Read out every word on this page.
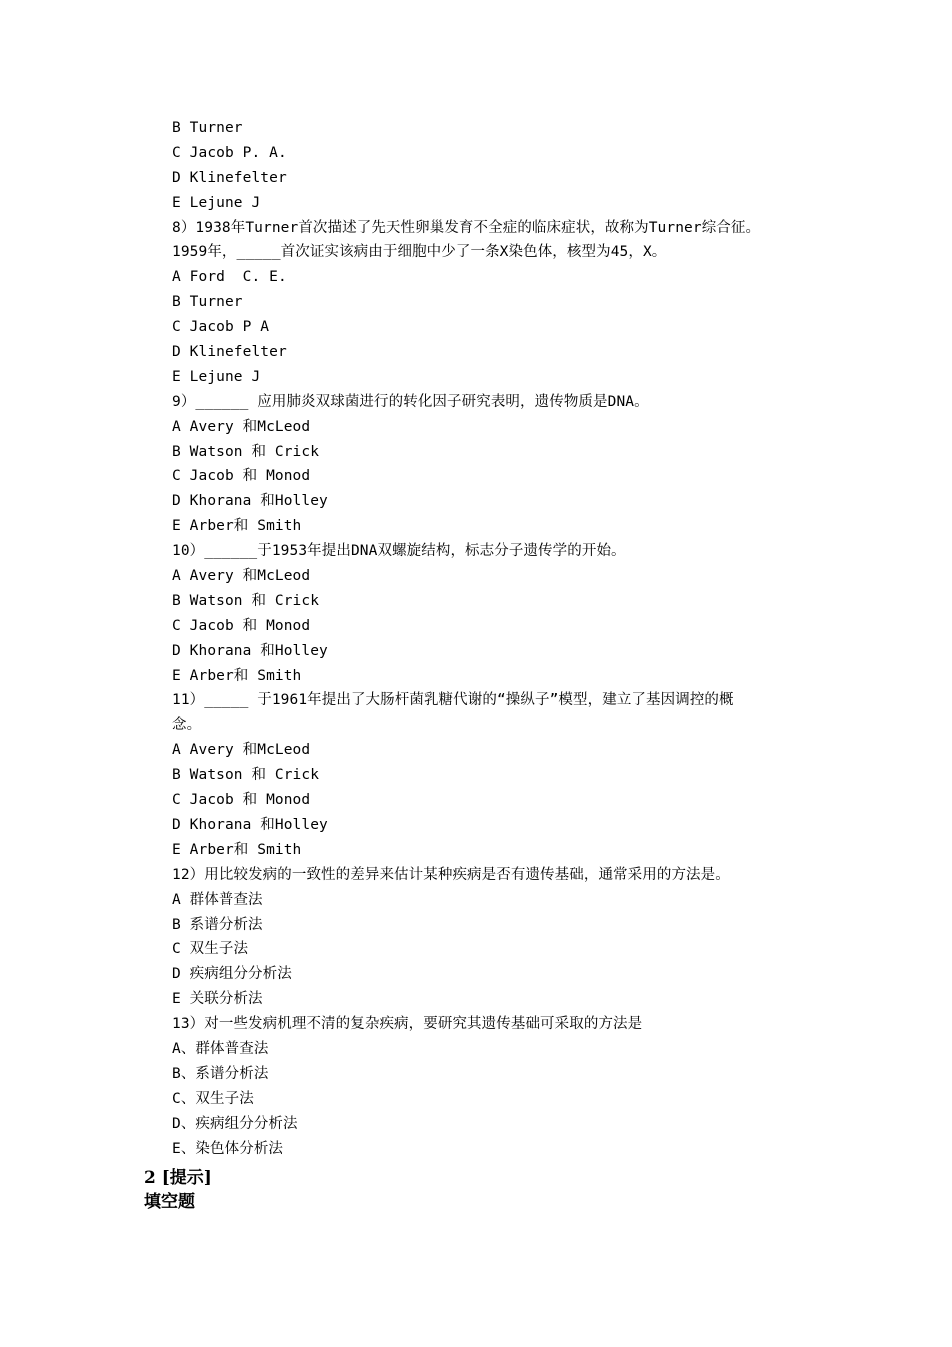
B Turner
C Jacob P. A.
D Klinefelter
E Lejune J
8）1938年Turner首次描述了先天性卵巢发育不全症的临床症状，故称为Turner综合征。
1959年，_____首次证实该病由于细胞中少了一条X染色体，核型为45，X。
A Ford  C. E.
B Turner
C Jacob P A
D Klinefelter
E Lejune J
9）______ 应用肺炎双球菌进行的转化因子研究表明，遗传物质是DNA。
A Avery 和McLeod
B Watson 和 Crick
C Jacob 和 Monod
D Khorana 和Holley
E Arber和 Smith
10）______于1953年提出DNA双螺旋结构，标志分子遗传学的开始。
A Avery 和McLeod
B Watson 和 Crick
C Jacob 和 Monod
D Khorana 和Holley
E Arber和 Smith
11）_____ 于1961年提出了大肠杆菌乳糖代谢的“操纵子”模型，建立了基因调控的概
念。
A Avery 和McLeod
B Watson 和 Crick
C Jacob 和 Monod
D Khorana 和Holley
E Arber和 Smith
12）用比较发病的一致性的差异来估计某种疾病是否有遗传基础，通常采用的方法是。
A 群体普查法
B 系谱分析法
C 双生子法
D 疾病组分分析法
E 关联分析法
13）对一些发病机理不清的复杂疾病，要研究其遗传基础可采取的方法是
A、群体普查法
B、系谱分析法
C、双生子法
D、疾病组分分析法
E、染色体分析法
2 [提示]
填空题
